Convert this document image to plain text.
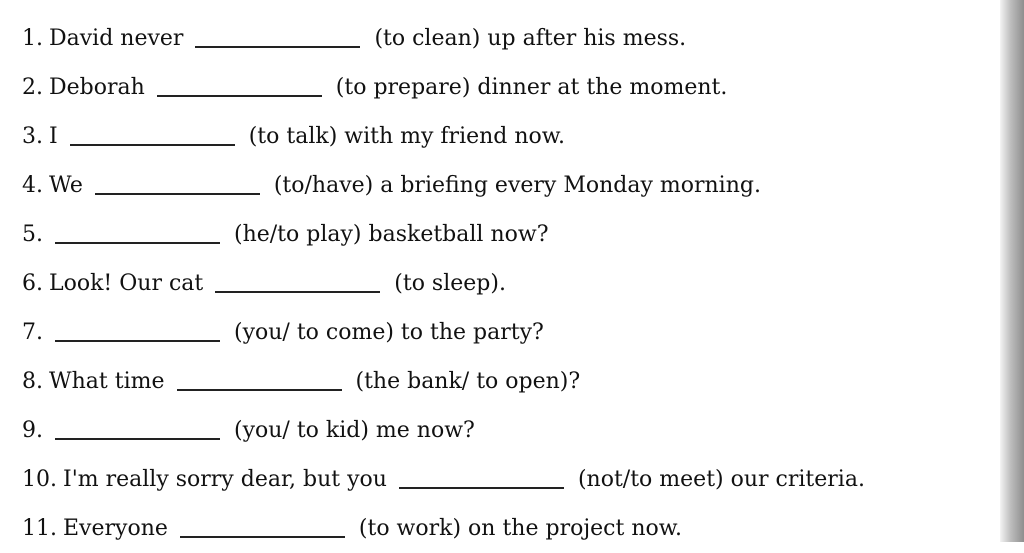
1. David never	(to clean) up after his mess.
2. Deborah	(to prepare) dinner at the moment.
3. I	(to talk) with my friend now.
4. We	(to/have) a briefing every Monday morning.
5.	(he/to play) basketball now?
6. Look! Our cat	(to sleep).
7.	(you/ to come) to the party?
8. What time	(the bank/ to open)?
9.	(you/ to kid) me now?
10. I'm really sorry dear, but you	(not/to meet) our criteria.
11. Everyone	(to work) on the project now.
